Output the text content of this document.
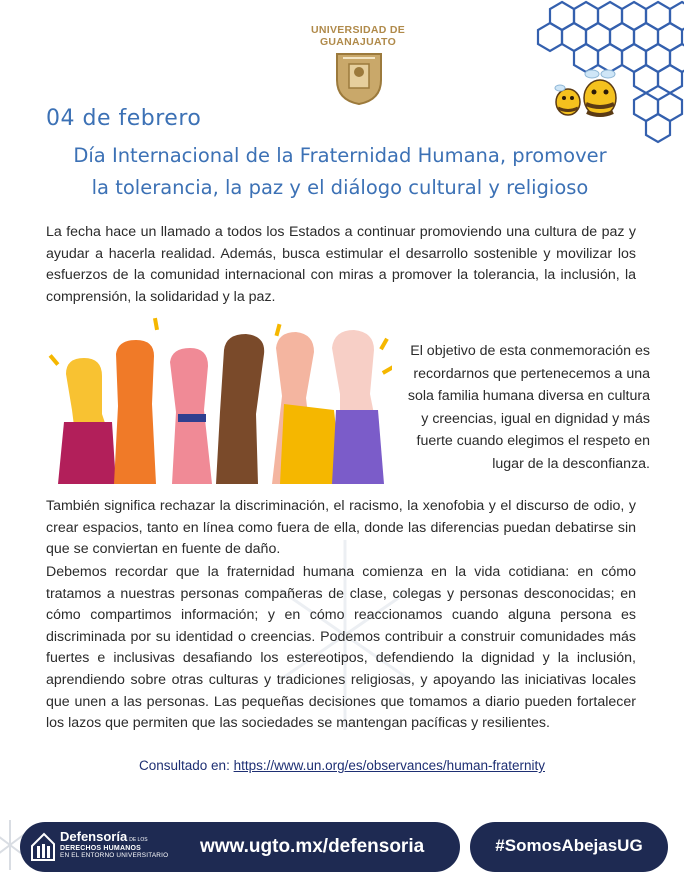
UNIVERSIDAD DE
GUANAJUATO
04 de febrero
Día Internacional de la Fraternidad Humana, promover
la tolerancia, la paz y el diálogo cultural y religioso
La fecha hace un llamado a todos los Estados a continuar promoviendo una cultura de paz y ayudar a hacerla realidad. Además, busca estimular el desarrollo sostenible y movilizar los esfuerzos de la comunidad internacional con miras a promover la tolerancia, la inclusión, la comprensión, la solidaridad y la paz.
El objetivo de esta conmemoración es
recordarnos que pertenecemos a una
sola familia humana diversa en cultura
y creencias, igual en dignidad y más
fuerte cuando elegimos el respeto en
lugar de la desconfianza.
También significa rechazar la discriminación, el racismo, la xenofobia y el discurso de odio, y crear espacios, tanto en línea como fuera de ella, donde las diferencias puedan debatirse sin que se conviertan en fuente de daño.
Debemos recordar que la fraternidad humana comienza en la vida cotidiana: en cómo tratamos a nuestras personas compañeras de clase, colegas y personas desconocidas; en cómo compartimos información; y en cómo reaccionamos cuando alguna persona es discriminada por su identidad o creencias. Podemos contribuir a construir comunidades más fuertes e inclusivas desafiando los estereotipos, defendiendo la dignidad y la inclusión, aprendiendo sobre otras culturas y tradiciones religiosas, y apoyando las iniciativas locales que unen a las personas. Las pequeñas decisiones que tomamos a diario pueden fortalecer los lazos que permiten que las sociedades se mantengan pacíficas y resilientes.
Consultado en: https://www.un.org/es/observances/human-fraternity
Defensoría DE LOS
DERECHOS HUMANOS
EN EL ENTORNO UNIVERSITARIO www.ugto.mx/defensoria	#SomosAbejasUG
